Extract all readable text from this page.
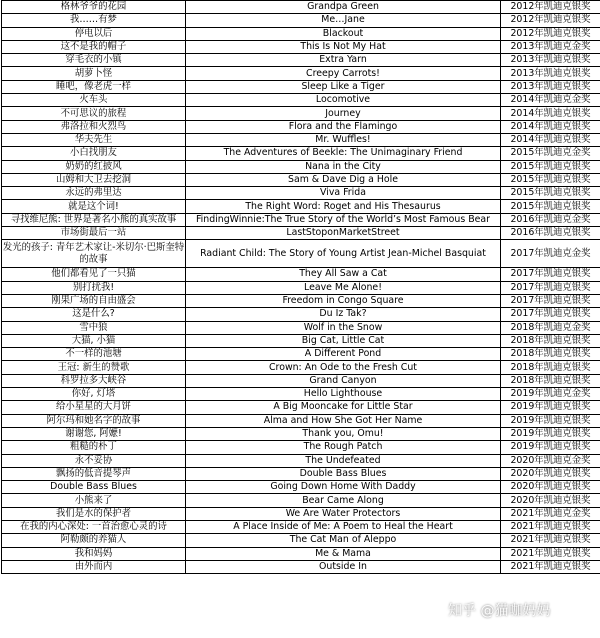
格林爷爷的花园	Grandpa Green	2012年凯迪克银奖
我……有梦	Me…Jane	2012年凯迪克银奖
停电以后	Blackout	2012年凯迪克银奖
这不是我的帽子	This Is Not My Hat	2013年凯迪克金奖
穿毛衣的小镇	Extra Yarn	2013年凯迪克银奖
胡萝卜怪	Creepy Carrots!	2013年凯迪克银奖
睡吧，像老虎一样	Sleep Like a Tiger	2013年凯迪克银奖
火车头	Locomotive	2014年凯迪克金奖
不可思议的旅程	Journey	2014年凯迪克银奖
弗洛拉和火烈鸟	Flora and the Flamingo	2014年凯迪克银奖
华夫先生	Mr. Wuffles!	2014年凯迪克银奖
小白找朋友	The Adventures of Beekle: The Unimaginary Friend	2015年凯迪克金奖
奶奶的红披风	Nana in the City	2015年凯迪克银奖
山姆和大卫去挖洞	Sam & Dave Dig a Hole	2015年凯迪克银奖
永远的弗里达	Viva Frida	2015年凯迪克银奖
就是这个词!	The Right Word: Roget and His Thesaurus	2015年凯迪克银奖
寻找维尼熊: 世界是著名小熊的真实故事	FindingWinnie:The True Story of the World’s Most Famous Bear	2016年凯迪克金奖
市场街最后一站	LastStoponMarketStreet	2016年凯迪克银奖
发光的孩子: 青年艺术家让-米切尔·巴斯奎特的故事	Radiant Child: The Story of Young Artist Jean-Michel Basquiat	2017年凯迪克金奖
他们都看见了一只猫	They All Saw a Cat	2017年凯迪克银奖
别打扰我!	Leave Me Alone!	2017年凯迪克银奖
刚果广场的自由盛会	Freedom in Congo Square	2017年凯迪克银奖
这是什么?	Du Iz Tak?	2017年凯迪克银奖
雪中狼	Wolf in the Snow	2018年凯迪克金奖
大猫, 小猫	Big Cat, Little Cat	2018年凯迪克银奖
不一样的池塘	A Different Pond	2018年凯迪克银奖
王冠: 新生的赞歌	Crown: An Ode to the Fresh Cut	2018年凯迪克银奖
科罗拉多大峡谷	Grand Canyon	2018年凯迪克银奖
你好, 灯塔	Hello Lighthouse	2019年凯迪克金奖
给小星星的大月饼	A Big Mooncake for Little Star	2019年凯迪克银奖
阿尔玛和她名字的故事	Alma and How She Got Her Name	2019年凯迪克银奖
谢谢您, 阿嬷!	Thank you, Omu!	2019年凯迪克银奖
粗糙的朴丁	The Rough Patch	2019年凯迪克银奖
永不妥协	The Undefeated	2020年凯迪克金奖
飘扬的低音提琴声	Double Bass Blues	2020年凯迪克银奖
Double Bass Blues	Going Down Home With Daddy	2020年凯迪克银奖
小熊来了	Bear Came Along	2020年凯迪克银奖
我们是水的保护者	We Are Water Protectors	2021年凯迪克金奖
在我的内心深处: 一首治愈心灵的诗	A Place Inside of Me: A Poem to Heal the Heart	2021年凯迪克银奖
阿勒颇的养猫人	The Cat Man of Aleppo	2021年凯迪克银奖
我和妈妈	Me & Mama	2021年凯迪克银奖
由外而内	Outside In	2021年凯迪克银奖
知乎 @猫咖妈妈
